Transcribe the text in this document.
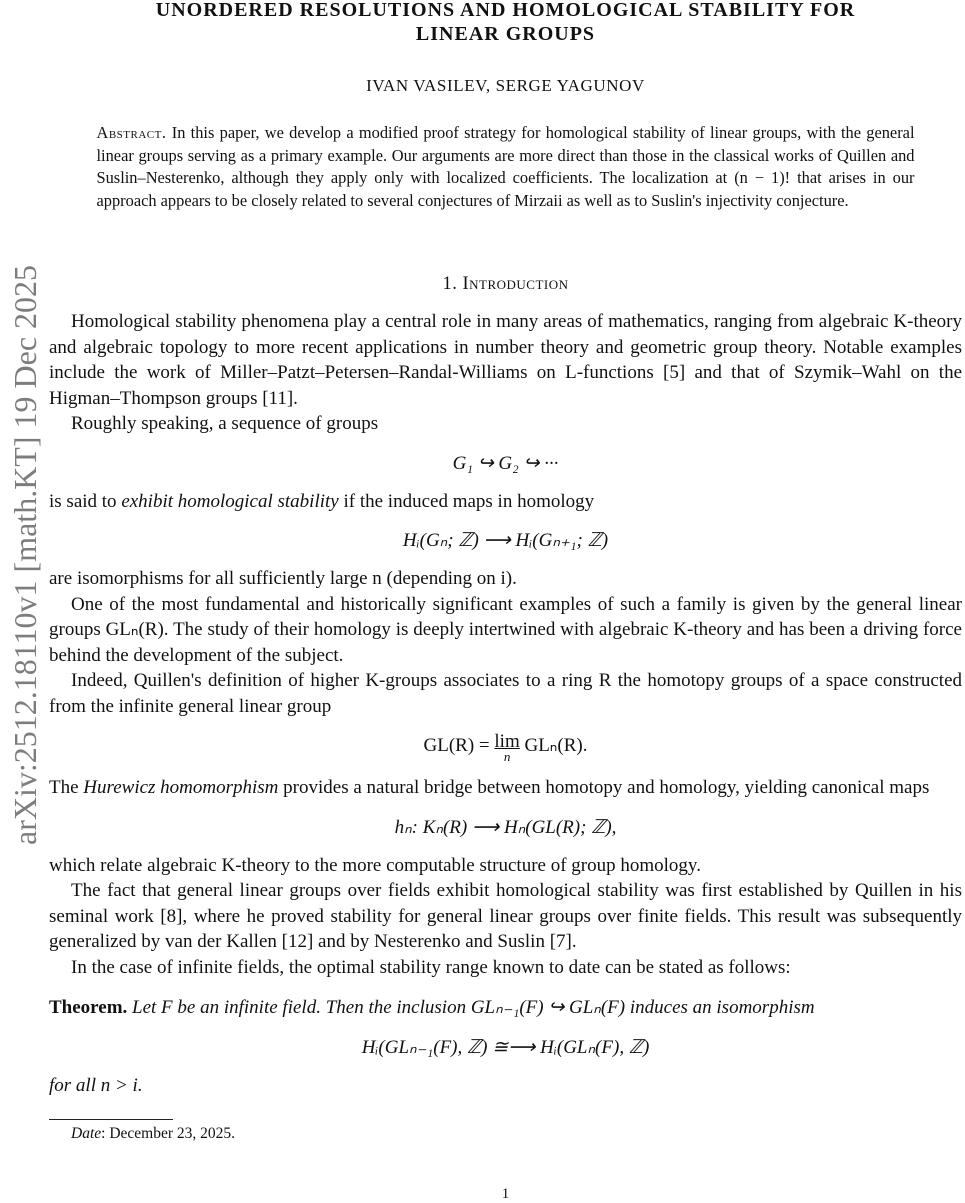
arXiv:2512.18110v1 [math.KT] 19 Dec 2025
UNORDERED RESOLUTIONS AND HOMOLOGICAL STABILITY FOR
LINEAR GROUPS
IVAN VASILEV, SERGE YAGUNOV
Abstract. In this paper, we develop a modified proof strategy for homological stability of linear groups, with the general linear groups serving as a primary example. Our arguments are more direct than those in the classical works of Quillen and Suslin–Nesterenko, although they apply only with localized coefficients. The localization at (n − 1)! that arises in our approach appears to be closely related to several conjectures of Mirzaii as well as to Suslin's injectivity conjecture.
1. Introduction

Homological stability phenomena play a central role in many areas of mathematics, ranging from algebraic K-theory and algebraic topology to more recent applications in number theory and geometric group theory. Notable examples include the work of Miller–Patzt–Petersen–Randal-Williams on L-functions [5] and that of Szymik–Wahl on the Higman–Thompson groups [11].

Roughly speaking, a sequence of groups

G₁ ↪ G₂ ↪ ···

is said to exhibit homological stability if the induced maps in homology

Hᵢ(Gₙ; ℤ) ⟶ Hᵢ(Gₙ₊₁; ℤ)

are isomorphisms for all sufficiently large n (depending on i).

One of the most fundamental and historically significant examples of such a family is given by the general linear groups GLₙ(R). The study of their homology is deeply intertwined with algebraic K-theory and has been a driving force behind the development of the subject.

Indeed, Quillen's definition of higher K-groups associates to a ring R the homotopy groups of a space constructed from the infinite general linear group

GL(R) = lim
n
GLₙ(R).

The Hurewicz homomorphism provides a natural bridge between homotopy and homology, yielding canonical maps

hₙ: Kₙ(R) ⟶ Hₙ(GL(R); ℤ),

which relate algebraic K-theory to the more computable structure of group homology.

The fact that general linear groups over fields exhibit homological stability was first established by Quillen in his seminal work [8], where he proved stability for general linear groups over finite fields. This result was subsequently generalized by van der Kallen [12] and by Nesterenko and Suslin [7].

In the case of infinite fields, the optimal stability range known to date can be stated as follows:

Theorem. Let F be an infinite field. Then the inclusion GLₙ₋₁(F) ↪ GLₙ(F) induces an isomorphism

Hᵢ(GLₙ₋₁(F), ℤ) ≅⟶ Hᵢ(GLₙ(F), ℤ)

for all n > i.

Date: December 23, 2025.
1
